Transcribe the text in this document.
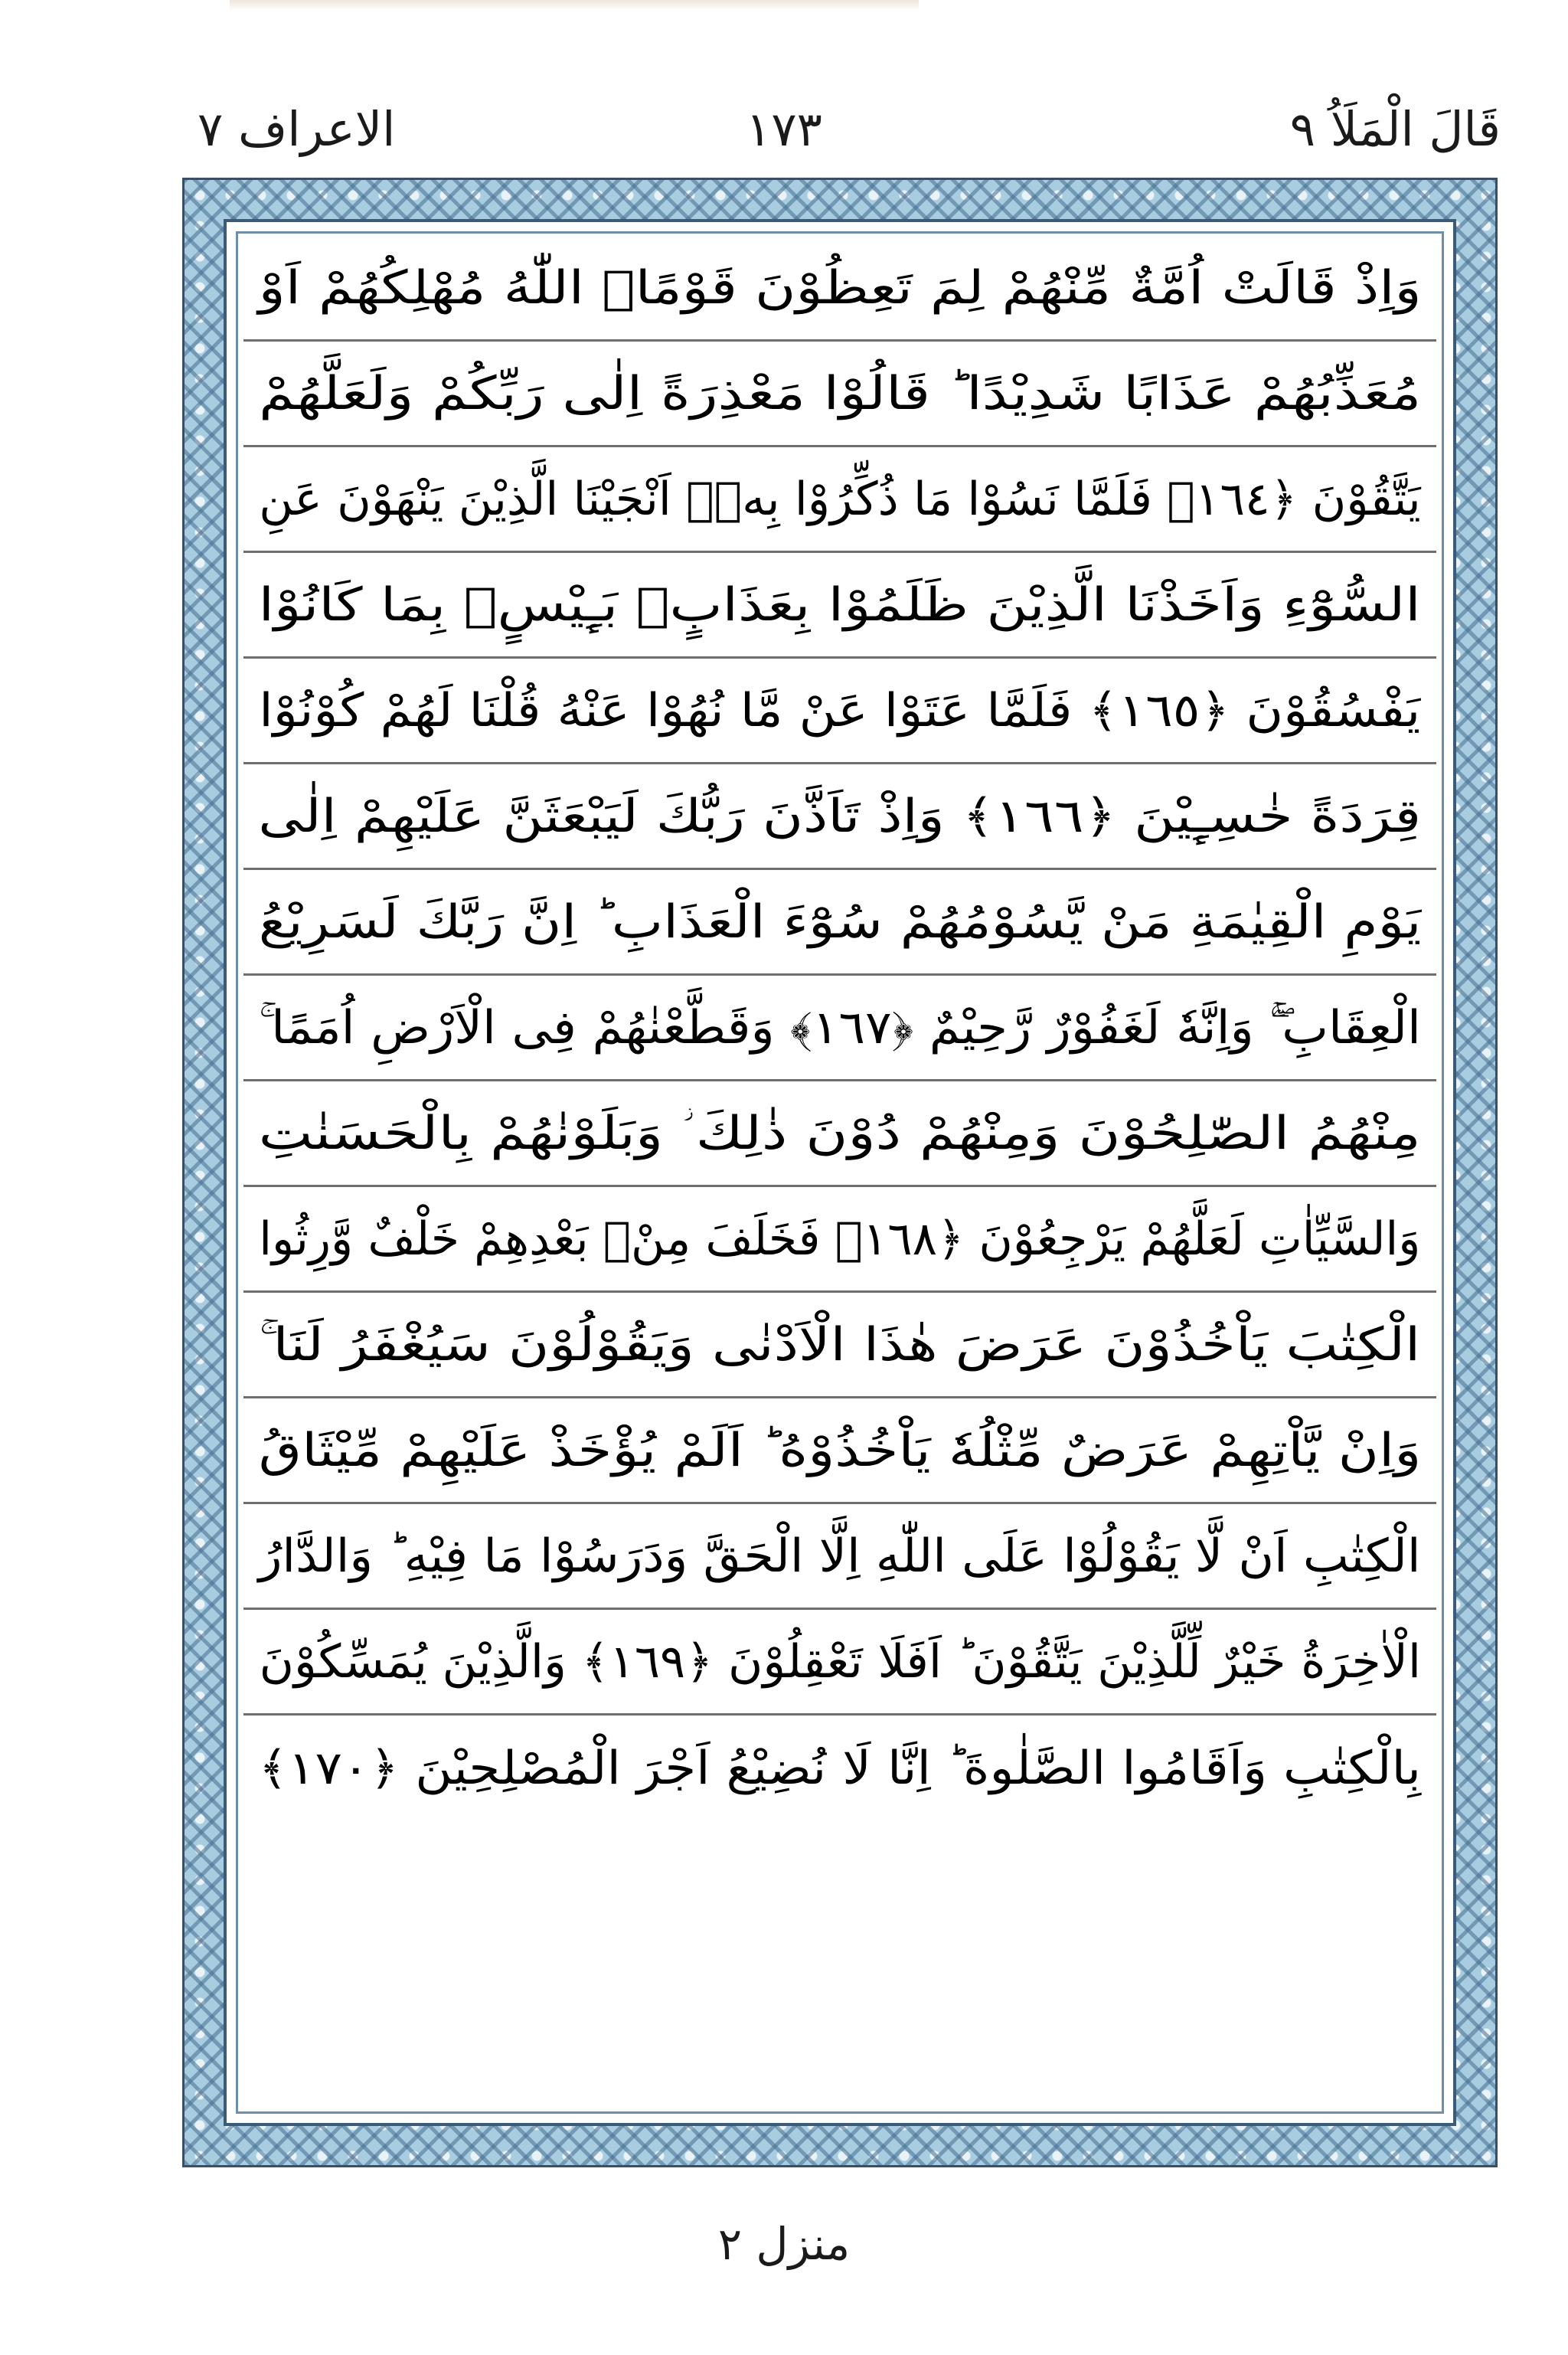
قَالَ الْمَلَاُ ٩
١٧٣
الاعراف ٧
وَاِذْ قَالَتْ اُمَّةٌ مِّنْهُمْ لِمَ تَعِظُوْنَ قَوْمًاۙ اللّٰهُ مُهْلِكُهُمْ اَوْ
مُعَذِّبُهُمْ عَذَابًا شَدِيْدًا ؕ قَالُوْا مَعْذِرَةً اِلٰى رَبِّكُمْ وَلَعَلَّهُمْ
يَتَّقُوْنَ ﴿١٦٤﴾ فَلَمَّا نَسُوْا مَا ذُكِّرُوْا بِهٖۤ اَنْجَيْنَا الَّذِيْنَ يَنْهَوْنَ عَنِ
السُّوْٓءِ وَاَخَذْنَا الَّذِيْنَ ظَلَمُوْا بِعَذَابٍۭ بَـِٕيْسٍۭ بِمَا كَانُوْا
يَفْسُقُوْنَ ﴿١٦٥﴾ فَلَمَّا عَتَوْا عَنْ مَّا نُهُوْا عَنْهُ قُلْنَا لَهُمْ كُوْنُوْا
قِرَدَةً خٰسِـِٕيْنَ ﴿١٦٦﴾ وَاِذْ تَاَذَّنَ رَبُّكَ لَيَبْعَثَنَّ عَلَيْهِمْ اِلٰى
يَوْمِ الْقِيٰمَةِ مَنْ يَّسُوْمُهُمْ سُوْٓءَ الْعَذَابِ ؕ اِنَّ رَبَّكَ لَسَرِيْعُ
الْعِقَابِ ۖۚ وَاِنَّهٗ لَغَفُوْرٌ رَّحِيْمٌ ﴿١٦٧﴾ وَقَطَّعْنٰهُمْ فِى الْاَرْضِ اُمَمًا ۚ
مِنْهُمُ الصّٰلِحُوْنَ وَمِنْهُمْ دُوْنَ ذٰلِكَ ؗ وَبَلَوْنٰهُمْ بِالْحَسَنٰتِ
وَالسَّيِّاٰتِ لَعَلَّهُمْ يَرْجِعُوْنَ ﴿١٦٨﴾ فَخَلَفَ مِنْۢ بَعْدِهِمْ خَلْفٌ وَّرِثُوا
الْكِتٰبَ يَاْخُذُوْنَ عَرَضَ هٰذَا الْاَدْنٰى وَيَقُوْلُوْنَ سَيُغْفَرُ لَنَا ۚ
وَاِنْ يَّاْتِهِمْ عَرَضٌ مِّثْلُهٗ يَاْخُذُوْهُ ؕ اَلَمْ يُؤْخَذْ عَلَيْهِمْ مِّيْثَاقُ
الْكِتٰبِ اَنْ لَّا يَقُوْلُوْا عَلَى اللّٰهِ اِلَّا الْحَقَّ وَدَرَسُوْا مَا فِيْهِ ؕ وَالدَّارُ
الْاٰخِرَةُ خَيْرٌ لِّلَّذِيْنَ يَتَّقُوْنَ ؕ اَفَلَا تَعْقِلُوْنَ ﴿١٦٩﴾ وَالَّذِيْنَ يُمَسِّكُوْنَ
بِالْكِتٰبِ وَاَقَامُوا الصَّلٰوةَ ؕ اِنَّا لَا نُضِيْعُ اَجْرَ الْمُصْلِحِيْنَ ﴿١٧٠﴾
منزل ٢
